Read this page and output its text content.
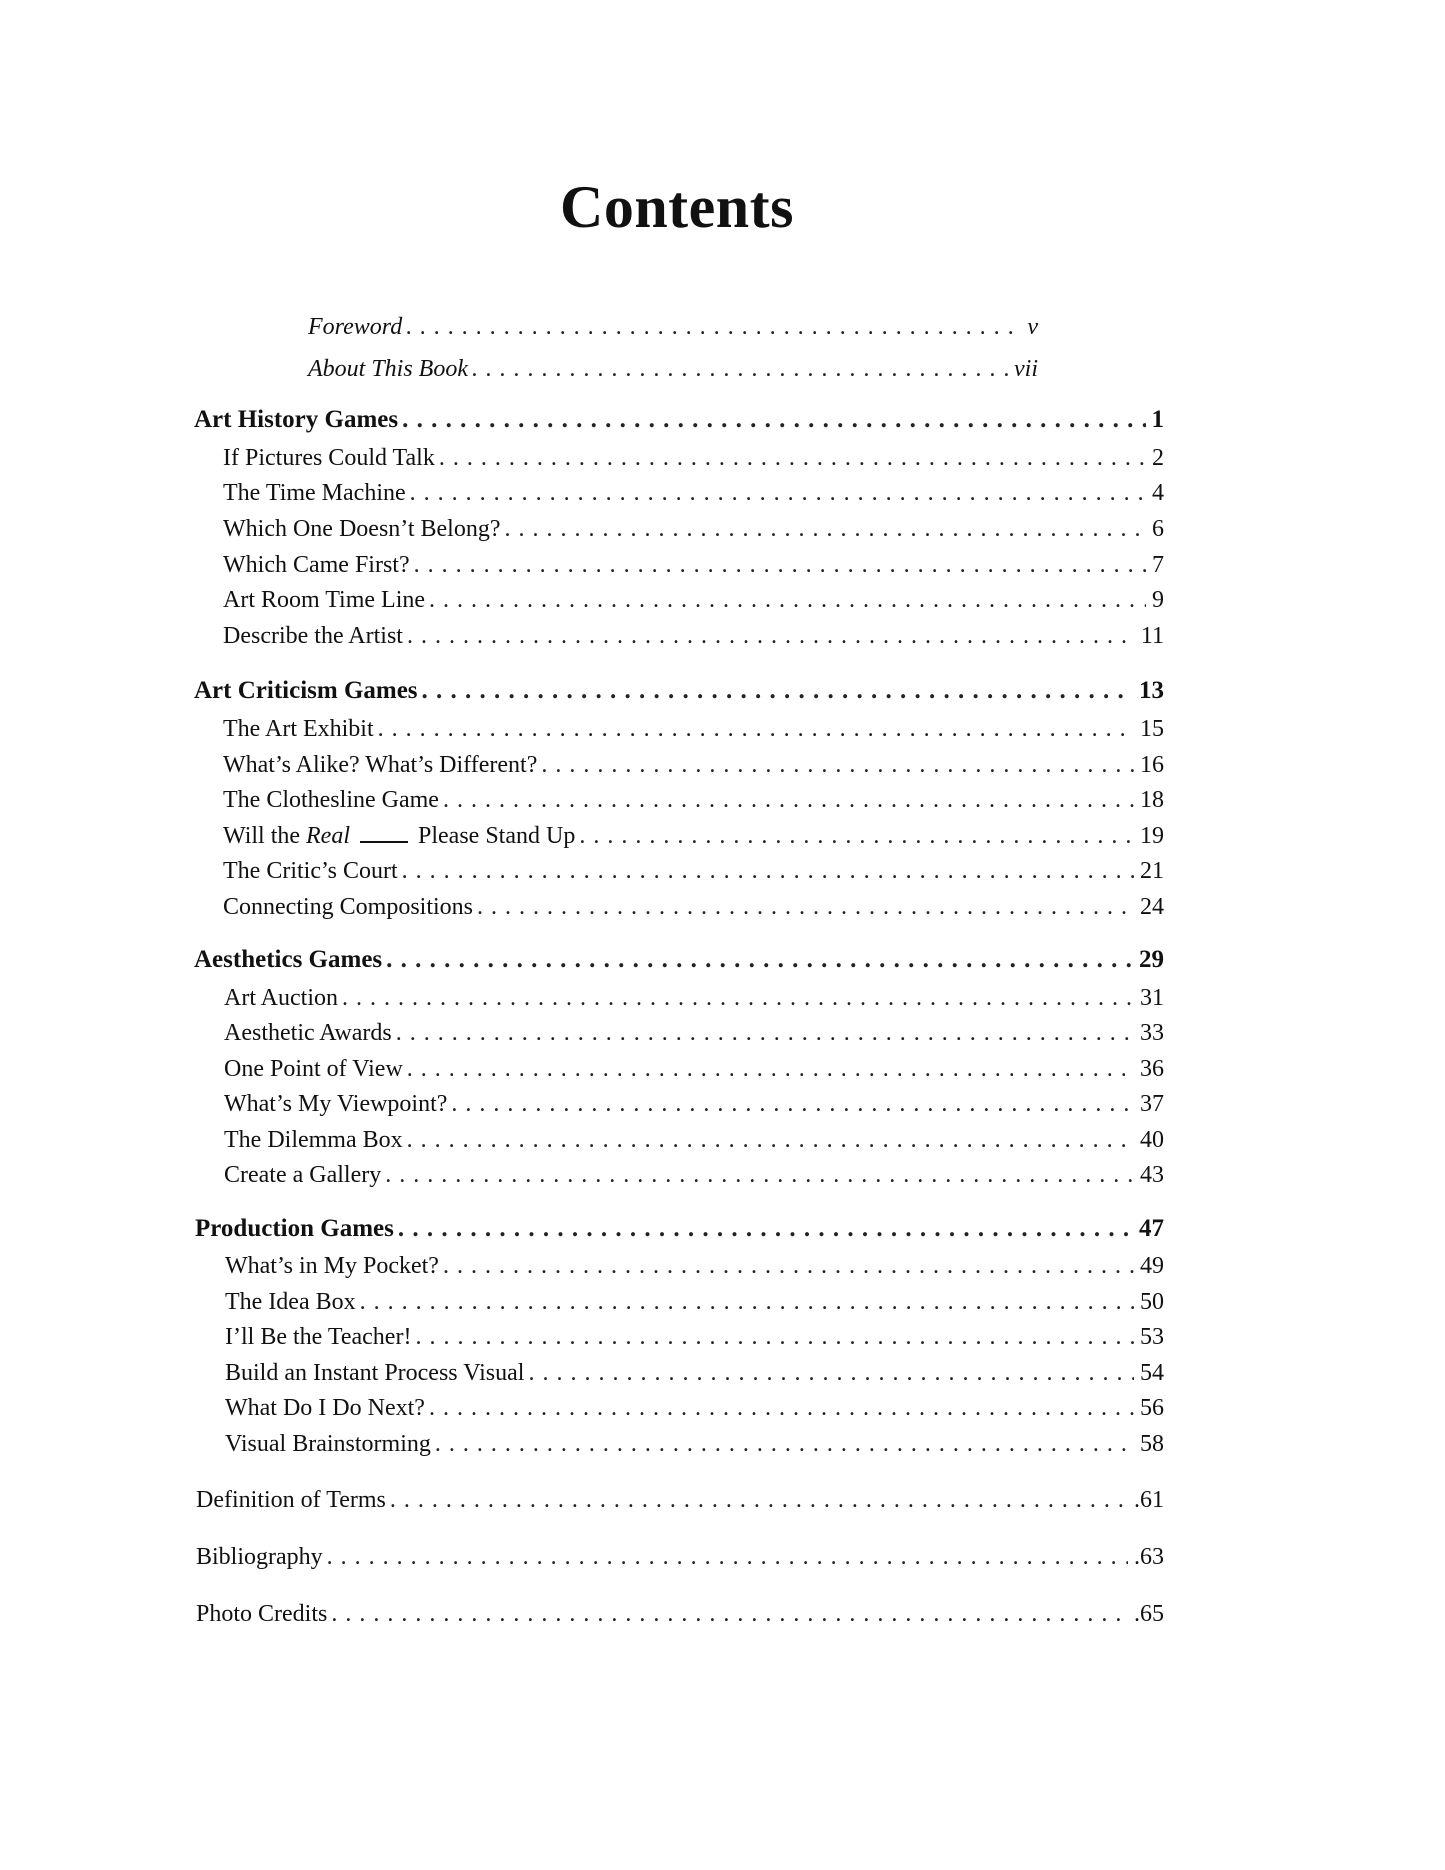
Contents
Foreword . . .	v
About This Book . . .	vii
Art History Games . . .	1
If Pictures Could Talk . . .	2
The Time Machine . . .	4
Which One Doesn’t Belong? . . .	6
Which Came First? . . .	7
Art Room Time Line . . .	9
Describe the Artist . . .	11
Art Criticism Games . . .	13
The Art Exhibit . . .	15
What’s Alike? What’s Different? . . .	16
The Clothesline Game . . .	18
Will the Real	Please Stand Up . . .	19
The Critic’s Court . . .	21
Connecting Compositions . . .	24
Aesthetics Games . . .	29
Art Auction . . .	31
Aesthetic Awards . . .	33
One Point of View . . .	36
What’s My Viewpoint? . . .	37
The Dilemma Box . . .	40
Create a Gallery . . .	43
Production Games . . .	47
What’s in My Pocket? . . .	49
The Idea Box . . .	50
I’ll Be the Teacher! . . .	53
Build an Instant Process Visual . . .	54
What Do I Do Next? . . .	56
Visual Brainstorming . . .	58
Definition of Terms . . .	.61
Bibliography . . .	.63
Photo Credits . . .	.65
